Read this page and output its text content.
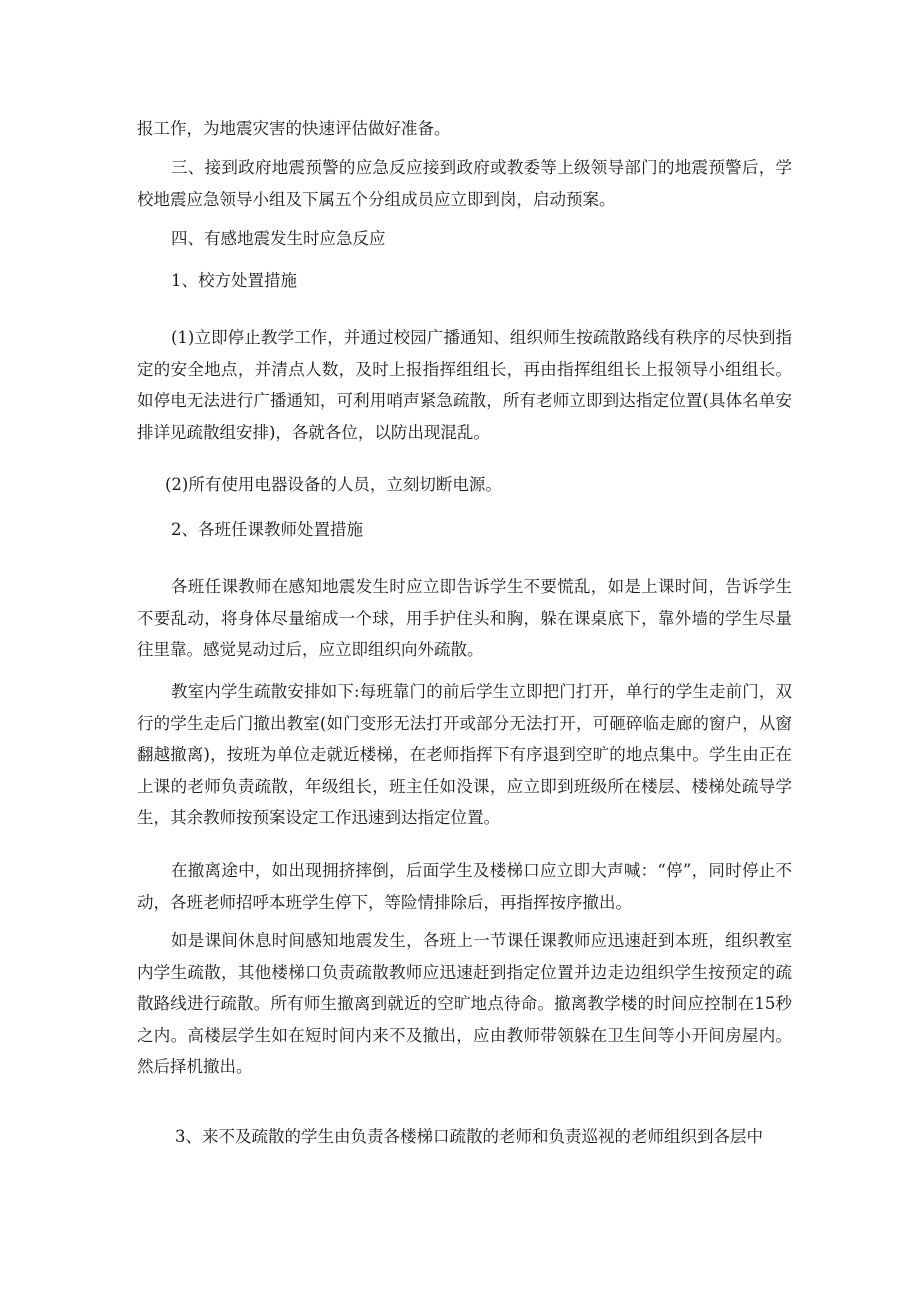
报工作，为地震灾害的快速评估做好准备。

三、接到政府地震预警的应急反应接到政府或教委等上级领导部门的地震预警后，学校地震应急领导小组及下属五个分组成员应立即到岗，启动预案。

四、有感地震发生时应急反应

1、校方处置措施

(1)立即停止教学工作，并通过校园广播通知、组织师生按疏散路线有秩序的尽快到指定的安全地点，并清点人数，及时上报指挥组组长，再由指挥组组长上报领导小组组长。如停电无法进行广播通知，可利用哨声紧急疏散，所有老师立即到达指定位置(具体名单安排详见疏散组安排)，各就各位，以防出现混乱。

(2)所有使用电器设备的人员，立刻切断电源。

2、各班任课教师处置措施

各班任课教师在感知地震发生时应立即告诉学生不要慌乱，如是上课时间，告诉学生不要乱动，将身体尽量缩成一个球，用手护住头和胸，躲在课桌底下，靠外墙的学生尽量往里靠。感觉晃动过后，应立即组织向外疏散。

教室内学生疏散安排如下:每班靠门的前后学生立即把门打开，单行的学生走前门，双行的学生走后门撤出教室(如门变形无法打开或部分无法打开，可砸碎临走廊的窗户，从窗翻越撤离)，按班为单位走就近楼梯，在老师指挥下有序退到空旷的地点集中。学生由正在上课的老师负责疏散，年级组长，班主任如没课，应立即到班级所在楼层、楼梯处疏导学生，其余教师按预案设定工作迅速到达指定位置。

在撤离途中，如出现拥挤摔倒，后面学生及楼梯口应立即大声喊：“停”，同时停止不动，各班老师招呼本班学生停下，等险情排除后，再指挥按序撤出。

如是课间休息时间感知地震发生，各班上一节课任课教师应迅速赶到本班，组织教室内学生疏散，其他楼梯口负责疏散教师应迅速赶到指定位置并边走边组织学生按预定的疏散路线进行疏散。所有师生撤离到就近的空旷地点待命。撤离教学楼的时间应控制在15秒之内。高楼层学生如在短时间内来不及撤出，应由教师带领躲在卫生间等小开间房屋内。然后择机撤出。

3、来不及疏散的学生由负责各楼梯口疏散的老师和负责巡视的老师组织到各层中
